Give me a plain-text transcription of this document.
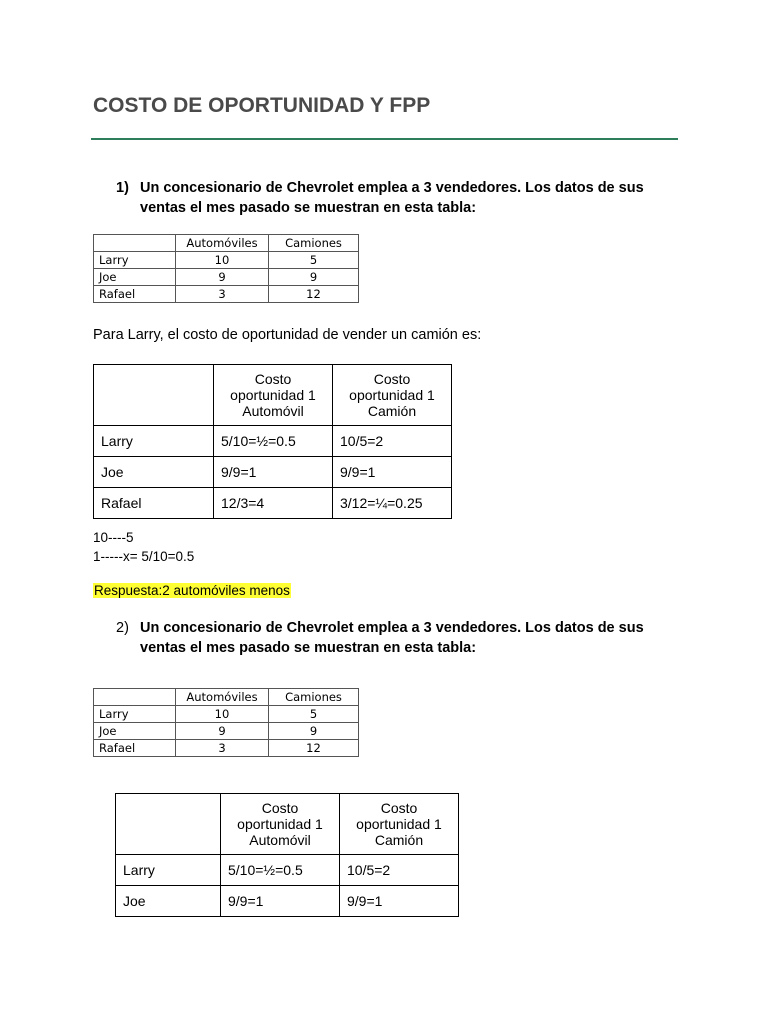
COSTO DE OPORTUNIDAD Y FPP
1) Un concesionario de Chevrolet emplea a 3 vendedores. Los datos de sus ventas el mes pasado se muestran en esta tabla:
	Automóviles	Camiones
Larry	10	5
Joe	9	9
Rafael	3	12
Para Larry, el costo de oportunidad de vender un camión es:
	Costo oportunidad 1 Automóvil	Costo oportunidad 1 Camión
Larry	5/10=½=0.5	10/5=2
Joe	9/9=1	9/9=1
Rafael	12/3=4	3/12=¼=0.25
10----5
1-----x= 5/10=0.5
Respuesta:2 automóviles menos
2) Un concesionario de Chevrolet emplea a 3 vendedores. Los datos de sus ventas el mes pasado se muestran en esta tabla:
	Automóviles	Camiones
Larry	10	5
Joe	9	9
Rafael	3	12
	Costo oportunidad 1 Automóvil	Costo oportunidad 1 Camión
Larry	5/10=½=0.5	10/5=2
Joe	9/9=1	9/9=1
